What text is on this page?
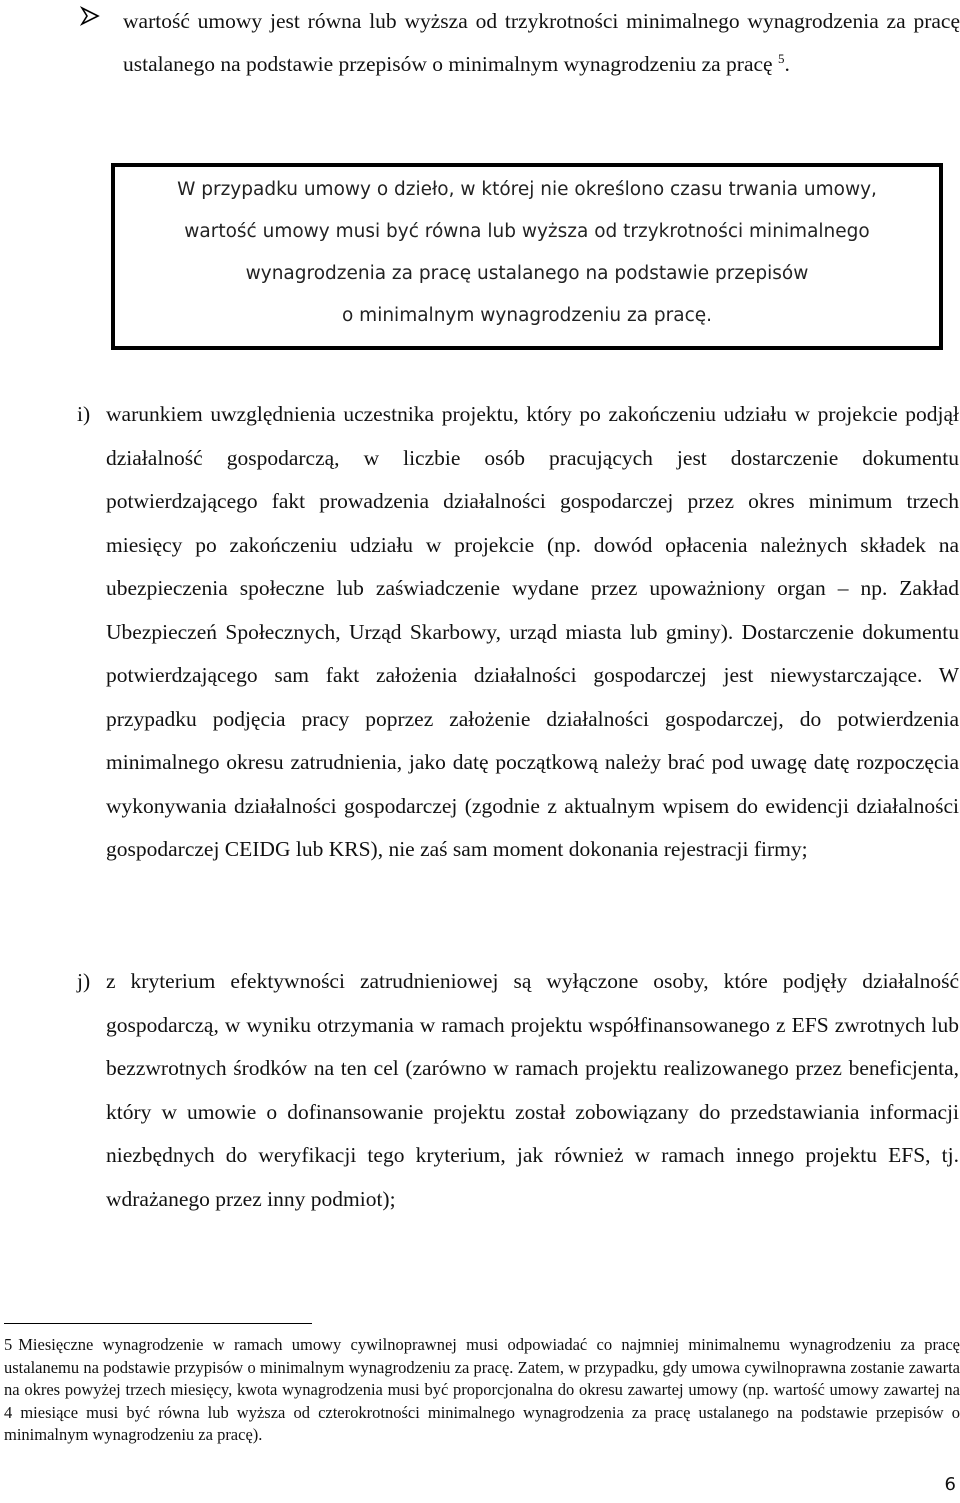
wartość umowy jest równa lub wyższa od trzykrotności minimalnego wynagrodzenia za pracę ustalanego na podstawie przepisów o minimalnym wynagrodzeniu za pracę $^5$.
W przypadku umowy o dzieło, w której nie określono czasu trwania umowy,
wartość umowy musi być równa lub wyższa od trzykrotności minimalnego
wynagrodzenia za pracę ustalanego na podstawie przepisów
o minimalnym wynagrodzeniu za pracę.
i) warunkiem uwzględnienia uczestnika projektu, który po zakończeniu udziału w projekcie podjął działalność gospodarczą, w liczbie osób pracujących jest dostarczenie dokumentu potwierdzającego fakt prowadzenia działalności gospodarczej przez okres minimum trzech miesięcy po zakończeniu udziału w projekcie (np. dowód opłacenia należnych składek na ubezpieczenia społeczne lub zaświadczenie wydane przez upoważniony organ – np. Zakład Ubezpieczeń Społecznych, Urząd Skarbowy, urząd miasta lub gminy). Dostarczenie dokumentu potwierdzającego sam fakt założenia działalności gospodarczej jest niewystarczające. W przypadku podjęcia pracy poprzez założenie działalności gospodarczej, do potwierdzenia minimalnego okresu zatrudnienia, jako datę początkową należy brać pod uwagę datę rozpoczęcia wykonywania działalności gospodarczej (zgodnie z aktualnym wpisem do ewidencji działalności gospodarczej CEIDG lub KRS), nie zaś sam moment dokonania rejestracji firmy;
j) z kryterium efektywności zatrudnieniowej są wyłączone osoby, które podjęły działalność gospodarczą, w wyniku otrzymania w ramach projektu współfinansowanego z EFS zwrotnych lub bezzwrotnych środków na ten cel (zarówno w ramach projektu realizowanego przez beneficjenta, który w umowie o dofinansowanie projektu został zobowiązany do przedstawiania informacji niezbędnych do weryfikacji tego kryterium, jak również w ramach innego projektu EFS, tj. wdrażanego przez inny podmiot);
5 Miesięczne wynagrodzenie w ramach umowy cywilnoprawnej musi odpowiadać co najmniej minimalnemu wynagrodzeniu za pracę ustalanemu na podstawie przypisów o minimalnym wynagrodzeniu za pracę. Zatem, w przypadku, gdy umowa cywilnoprawna zostanie zawarta na okres powyżej trzech miesięcy, kwota wynagrodzenia musi być proporcjonalna do okresu zawartej umowy (np. wartość umowy zawartej na 4 miesiące musi być równa lub wyższa od czterokrotności minimalnego wynagrodzenia za pracę ustalanego na podstawie przepisów o minimalnym wynagrodzeniu za pracę).
6
